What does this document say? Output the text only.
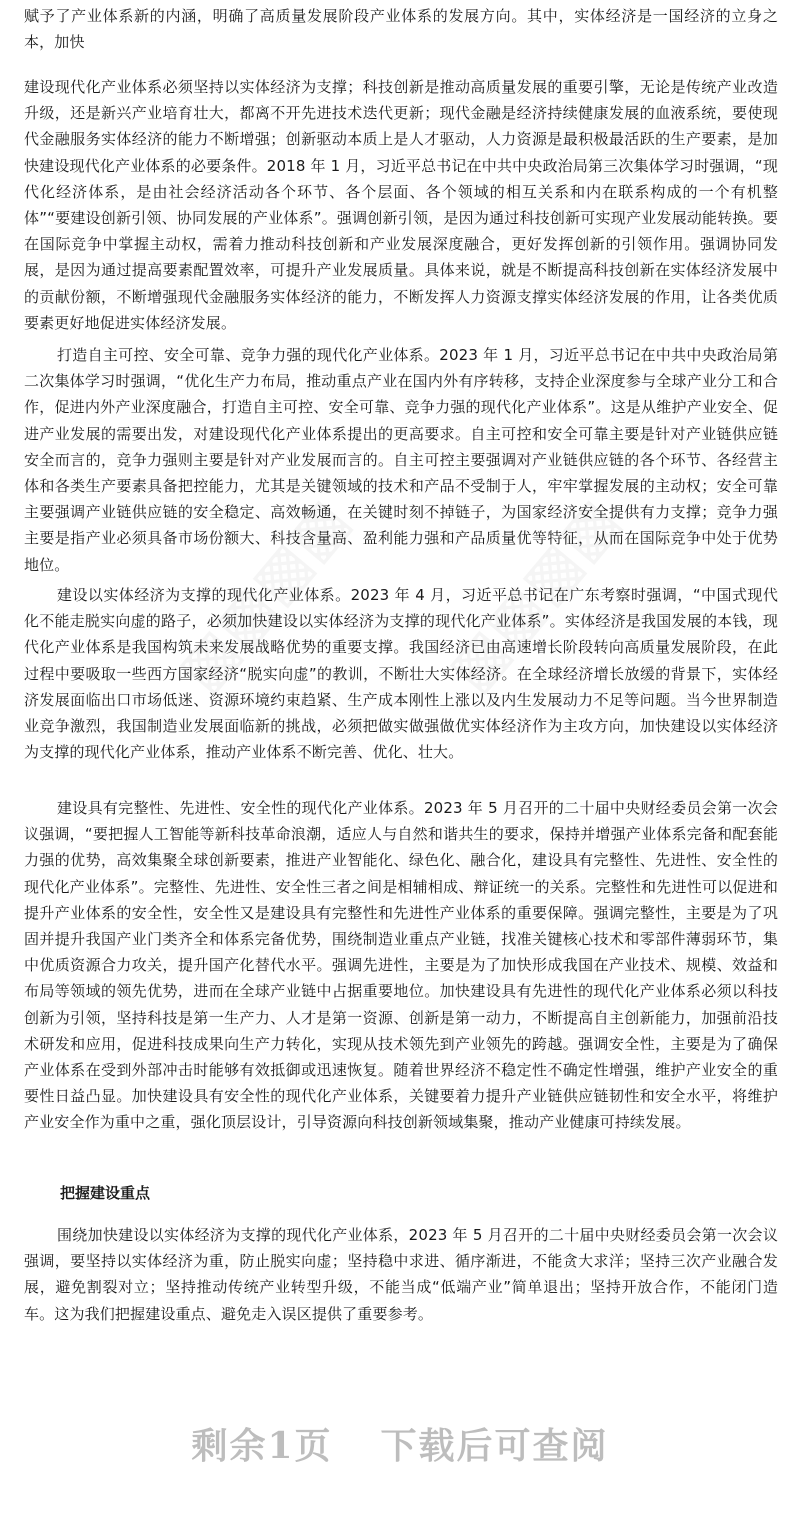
赋予了产业体系新的内涵，明确了高质量发展阶段产业体系的发展方向。其中，实体经济是一国经济的立身之本，加快

建设现代化产业体系必须坚持以实体经济为支撑；科技创新是推动高质量发展的重要引擎，无论是传统产业改造升级，还是新兴产业培育壮大，都离不开先进技术迭代更新；现代金融是经济持续健康发展的血液系统，要使现代金融服务实体经济的能力不断增强；创新驱动本质上是人才驱动，人力资源是最积极最活跃的生产要素，是加快建设现代化产业体系的必要条件。2018 年 1 月，习近平总书记在中共中央政治局第三次集体学习时强调，“现代化经济体系，是由社会经济活动各个环节、各个层面、各个领域的相互关系和内在联系构成的一个有机整体”“要建设创新引领、协同发展的产业体系”。强调创新引领，是因为通过科技创新可实现产业发展动能转换。要在国际竞争中掌握主动权，需着力推动科技创新和产业发展深度融合，更好发挥创新的引领作用。强调协同发展，是因为通过提高要素配置效率，可提升产业发展质量。具体来说，就是不断提高科技创新在实体经济发展中的贡献份额，不断增强现代金融服务实体经济的能力，不断发挥人力资源支撑实体经济发展的作用，让各类优质要素更好地促进实体经济发展。

打造自主可控、安全可靠、竞争力强的现代化产业体系。2023 年 1 月，习近平总书记在中共中央政治局第二次集体学习时强调，“优化生产力布局，推动重点产业在国内外有序转移，支持企业深度参与全球产业分工和合作，促进内外产业深度融合，打造自主可控、安全可靠、竞争力强的现代化产业体系”。这是从维护产业安全、促进产业发展的需要出发，对建设现代化产业体系提出的更高要求。自主可控和安全可靠主要是针对产业链供应链安全而言的，竞争力强则主要是针对产业发展而言的。自主可控主要强调对产业链供应链的各个环节、各经营主体和各类生产要素具备把控能力，尤其是关键领域的技术和产品不受制于人，牢牢掌握发展的主动权；安全可靠主要强调产业链供应链的安全稳定、高效畅通，在关键时刻不掉链子，为国家经济安全提供有力支撑；竞争力强主要是指产业必须具备市场份额大、科技含量高、盈利能力强和产品质量优等特征，从而在国际竞争中处于优势地位。

建设以实体经济为支撑的现代化产业体系。2023 年 4 月，习近平总书记在广东考察时强调，“中国式现代化不能走脱实向虚的路子，必须加快建设以实体经济为支撑的现代化产业体系”。实体经济是我国发展的本钱，现代化产业体系是我国构筑未来发展战略优势的重要支撑。我国经济已由高速增长阶段转向高质量发展阶段，在此过程中要吸取一些西方国家经济“脱实向虚”的教训，不断壮大实体经济。在全球经济增长放缓的背景下，实体经济发展面临出口市场低迷、资源环境约束趋紧、生产成本刚性上涨以及内生发展动力不足等问题。当今世界制造业竞争激烈，我国制造业发展面临新的挑战，必须把做实做强做优实体经济作为主攻方向，加快建设以实体经济为支撑的现代化产业体系，推动产业体系不断完善、优化、壮大。

建设具有完整性、先进性、安全性的现代化产业体系。2023 年 5 月召开的二十届中央财经委员会第一次会议强调，“要把握人工智能等新科技革命浪潮，适应人与自然和谐共生的要求，保持并增强产业体系完备和配套能力强的优势，高效集聚全球创新要素，推进产业智能化、绿色化、融合化，建设具有完整性、先进性、安全性的现代化产业体系”。完整性、先进性、安全性三者之间是相辅相成、辩证统一的关系。完整性和先进性可以促进和提升产业体系的安全性，安全性又是建设具有完整性和先进性产业体系的重要保障。强调完整性，主要是为了巩固并提升我国产业门类齐全和体系完备优势，围绕制造业重点产业链，找准关键核心技术和零部件薄弱环节，集中优质资源合力攻关，提升国产化替代水平。强调先进性，主要是为了加快形成我国在产业技术、规模、效益和布局等领域的领先优势，进而在全球产业链中占据重要地位。加快建设具有先进性的现代化产业体系必须以科技创新为引领，坚持科技是第一生产力、人才是第一资源、创新是第一动力，不断提高自主创新能力，加强前沿技术研发和应用，促进科技成果向生产力转化，实现从技术领先到产业领先的跨越。强调安全性，主要是为了确保产业体系在受到外部冲击时能够有效抵御或迅速恢复。随着世界经济不稳定性不确定性增强，维护产业安全的重要性日益凸显。加快建设具有安全性的现代化产业体系，关键要着力提升产业链供应链韧性和安全水平，将维护产业安全作为重中之重，强化顶层设计，引导资源向科技创新领域集聚，推动产业健康可持续发展。

把握建设重点

围绕加快建设以实体经济为支撑的现代化产业体系，2023 年 5 月召开的二十届中央财经委员会第一次会议强调，要坚持以实体经济为重，防止脱实向虚；坚持稳中求进、循序渐进，不能贪大求洋；坚持三次产业融合发展，避免割裂对立；坚持推动传统产业转型升级，不能当成“低端产业”简单退出；坚持开放合作，不能闭门造车。这为我们把握建设重点、避免走入误区提供了重要参考。

剩余1页 下载后可查阅
